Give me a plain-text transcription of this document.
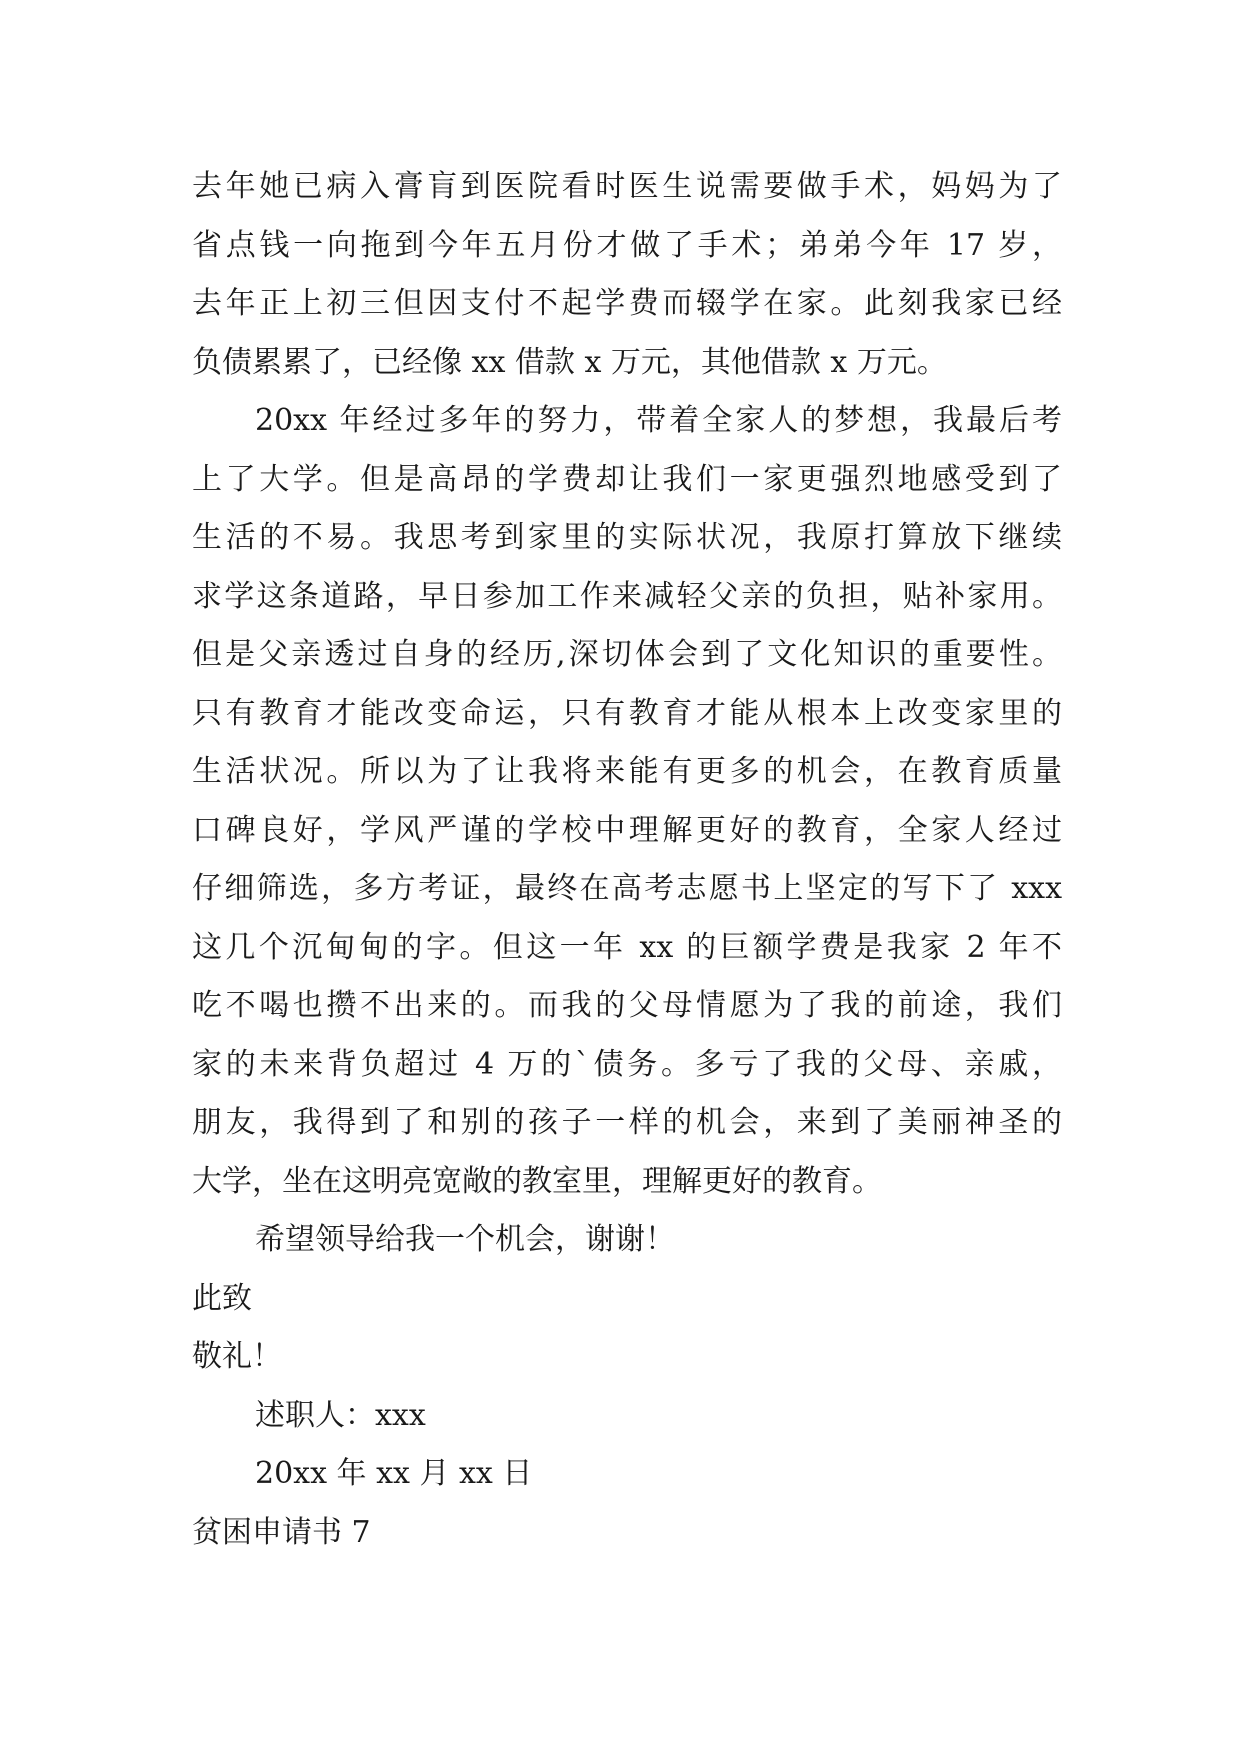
去年她已病入膏肓到医院看时医生说需要做手术，妈妈为了
省点钱一向拖到今年五月份才做了手术；弟弟今年 17 岁，
去年正上初三但因支付不起学费而辍学在家。此刻我家已经
负债累累了，已经像 xx 借款 x 万元，其他借款 x 万元。
20xx 年经过多年的努力，带着全家人的梦想，我最后考
上了大学。但是高昂的学费却让我们一家更强烈地感受到了
生活的不易。我思考到家里的实际状况，我原打算放下继续
求学这条道路，早日参加工作来减轻父亲的负担，贴补家用。
但是父亲透过自身的经历,深切体会到了文化知识的重要性。
只有教育才能改变命运，只有教育才能从根本上改变家里的
生活状况。所以为了让我将来能有更多的机会，在教育质量
口碑良好，学风严谨的学校中理解更好的教育，全家人经过
仔细筛选，多方考证，最终在高考志愿书上坚定的写下了 xxx
这几个沉甸甸的字。但这一年 xx 的巨额学费是我家 2 年不
吃不喝也攒不出来的。而我的父母情愿为了我的前途，我们
家的未来背负超过 4 万的`债务。多亏了我的父母、亲戚，
朋友，我得到了和别的孩子一样的机会，来到了美丽神圣的
大学，坐在这明亮宽敞的教室里，理解更好的教育。
希望领导给我一个机会，谢谢！
此致
敬礼！
述职人：xxx
20xx 年 xx 月 xx 日
贫困申请书 7
